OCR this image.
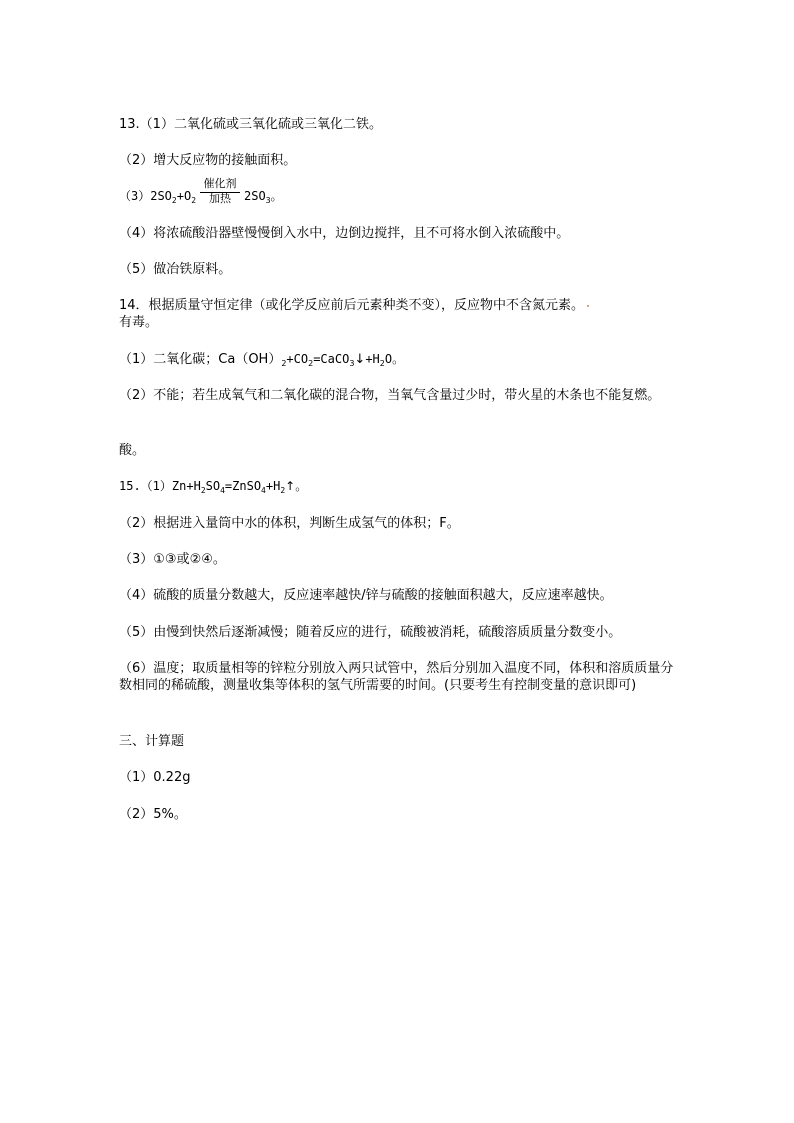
13.（1）二氧化硫或三氧化硫或三氧化二铁。
（2）增大反应物的接触面积。
$(3)2SO_2+O_2$
催化剂
加热	$2SO_3$。
（4）将浓硫酸沿器壁慢慢倒入水中，边倒边搅拌，且不可将水倒入浓硫酸中。
（5）做冶铁原料。
14．根据质量守恒定律（或化学反应前后元素种类不变），反应物中不含氮元素。
有毒。
（1）二氧化碳；$Ca(OH)_2+CO_2=CaCO_3↓+H_2O$。
（2）不能；若生成氧气和二氧化碳的混合物，当氧气含量过少时，带火星的木条也不能复燃。
酸。
$15.(1)Zn+H_2SO_4=ZnSO_4+H_2↑$。
（2）根据进入量筒中水的体积，判断生成氢气的体积；F。
（3）①③或②④。
（4）硫酸的质量分数越大，反应速率越快/锌与硫酸的接触面积越大，反应速率越快。
（5）由慢到快然后逐渐减慢；随着反应的进行，硫酸被消耗，硫酸溶质质量分数变小。
（6）温度；取质量相等的锌粒分别放入两只试管中，然后分别加入温度不同，体积和溶质质量分数相同的稀硫酸，测量收集等体积的氢气所需要的时间。(只要考生有控制变量的意识即可)
三、计算题
（1）0.22g
（2）5%。
